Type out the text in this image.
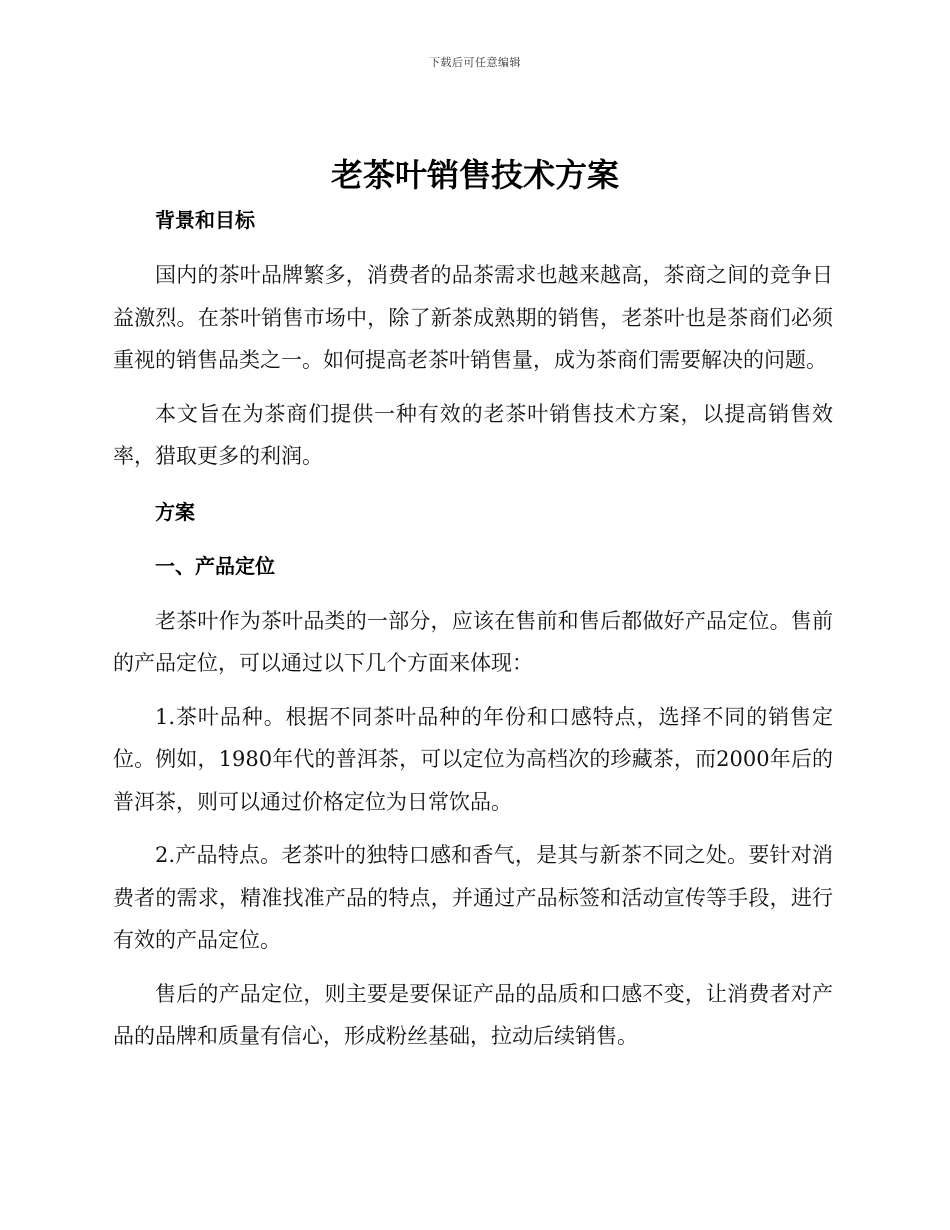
下载后可任意编辑
老茶叶销售技术方案
背景和目标

国内的茶叶品牌繁多，消费者的品茶需求也越来越高，茶商之间的竞争日益激烈。在茶叶销售市场中，除了新茶成熟期的销售，老茶叶也是茶商们必须重视的销售品类之一。如何提高老茶叶销售量，成为茶商们需要解决的问题。

本文旨在为茶商们提供一种有效的老茶叶销售技术方案，以提高销售效率，猎取更多的利润。

方案
一、产品定位

老茶叶作为茶叶品类的一部分，应该在售前和售后都做好产品定位。售前的产品定位，可以通过以下几个方面来体现：

1.茶叶品种。根据不同茶叶品种的年份和口感特点，选择不同的销售定位。例如，1980年代的普洱茶，可以定位为高档次的珍藏茶，而2000年后的普洱茶，则可以通过价格定位为日常饮品。

2.产品特点。老茶叶的独特口感和香气，是其与新茶不同之处。要针对消费者的需求，精准找准产品的特点，并通过产品标签和活动宣传等手段，进行有效的产品定位。

售后的产品定位，则主要是要保证产品的品质和口感不变，让消费者对产品的品牌和质量有信心，形成粉丝基础，拉动后续销售。
